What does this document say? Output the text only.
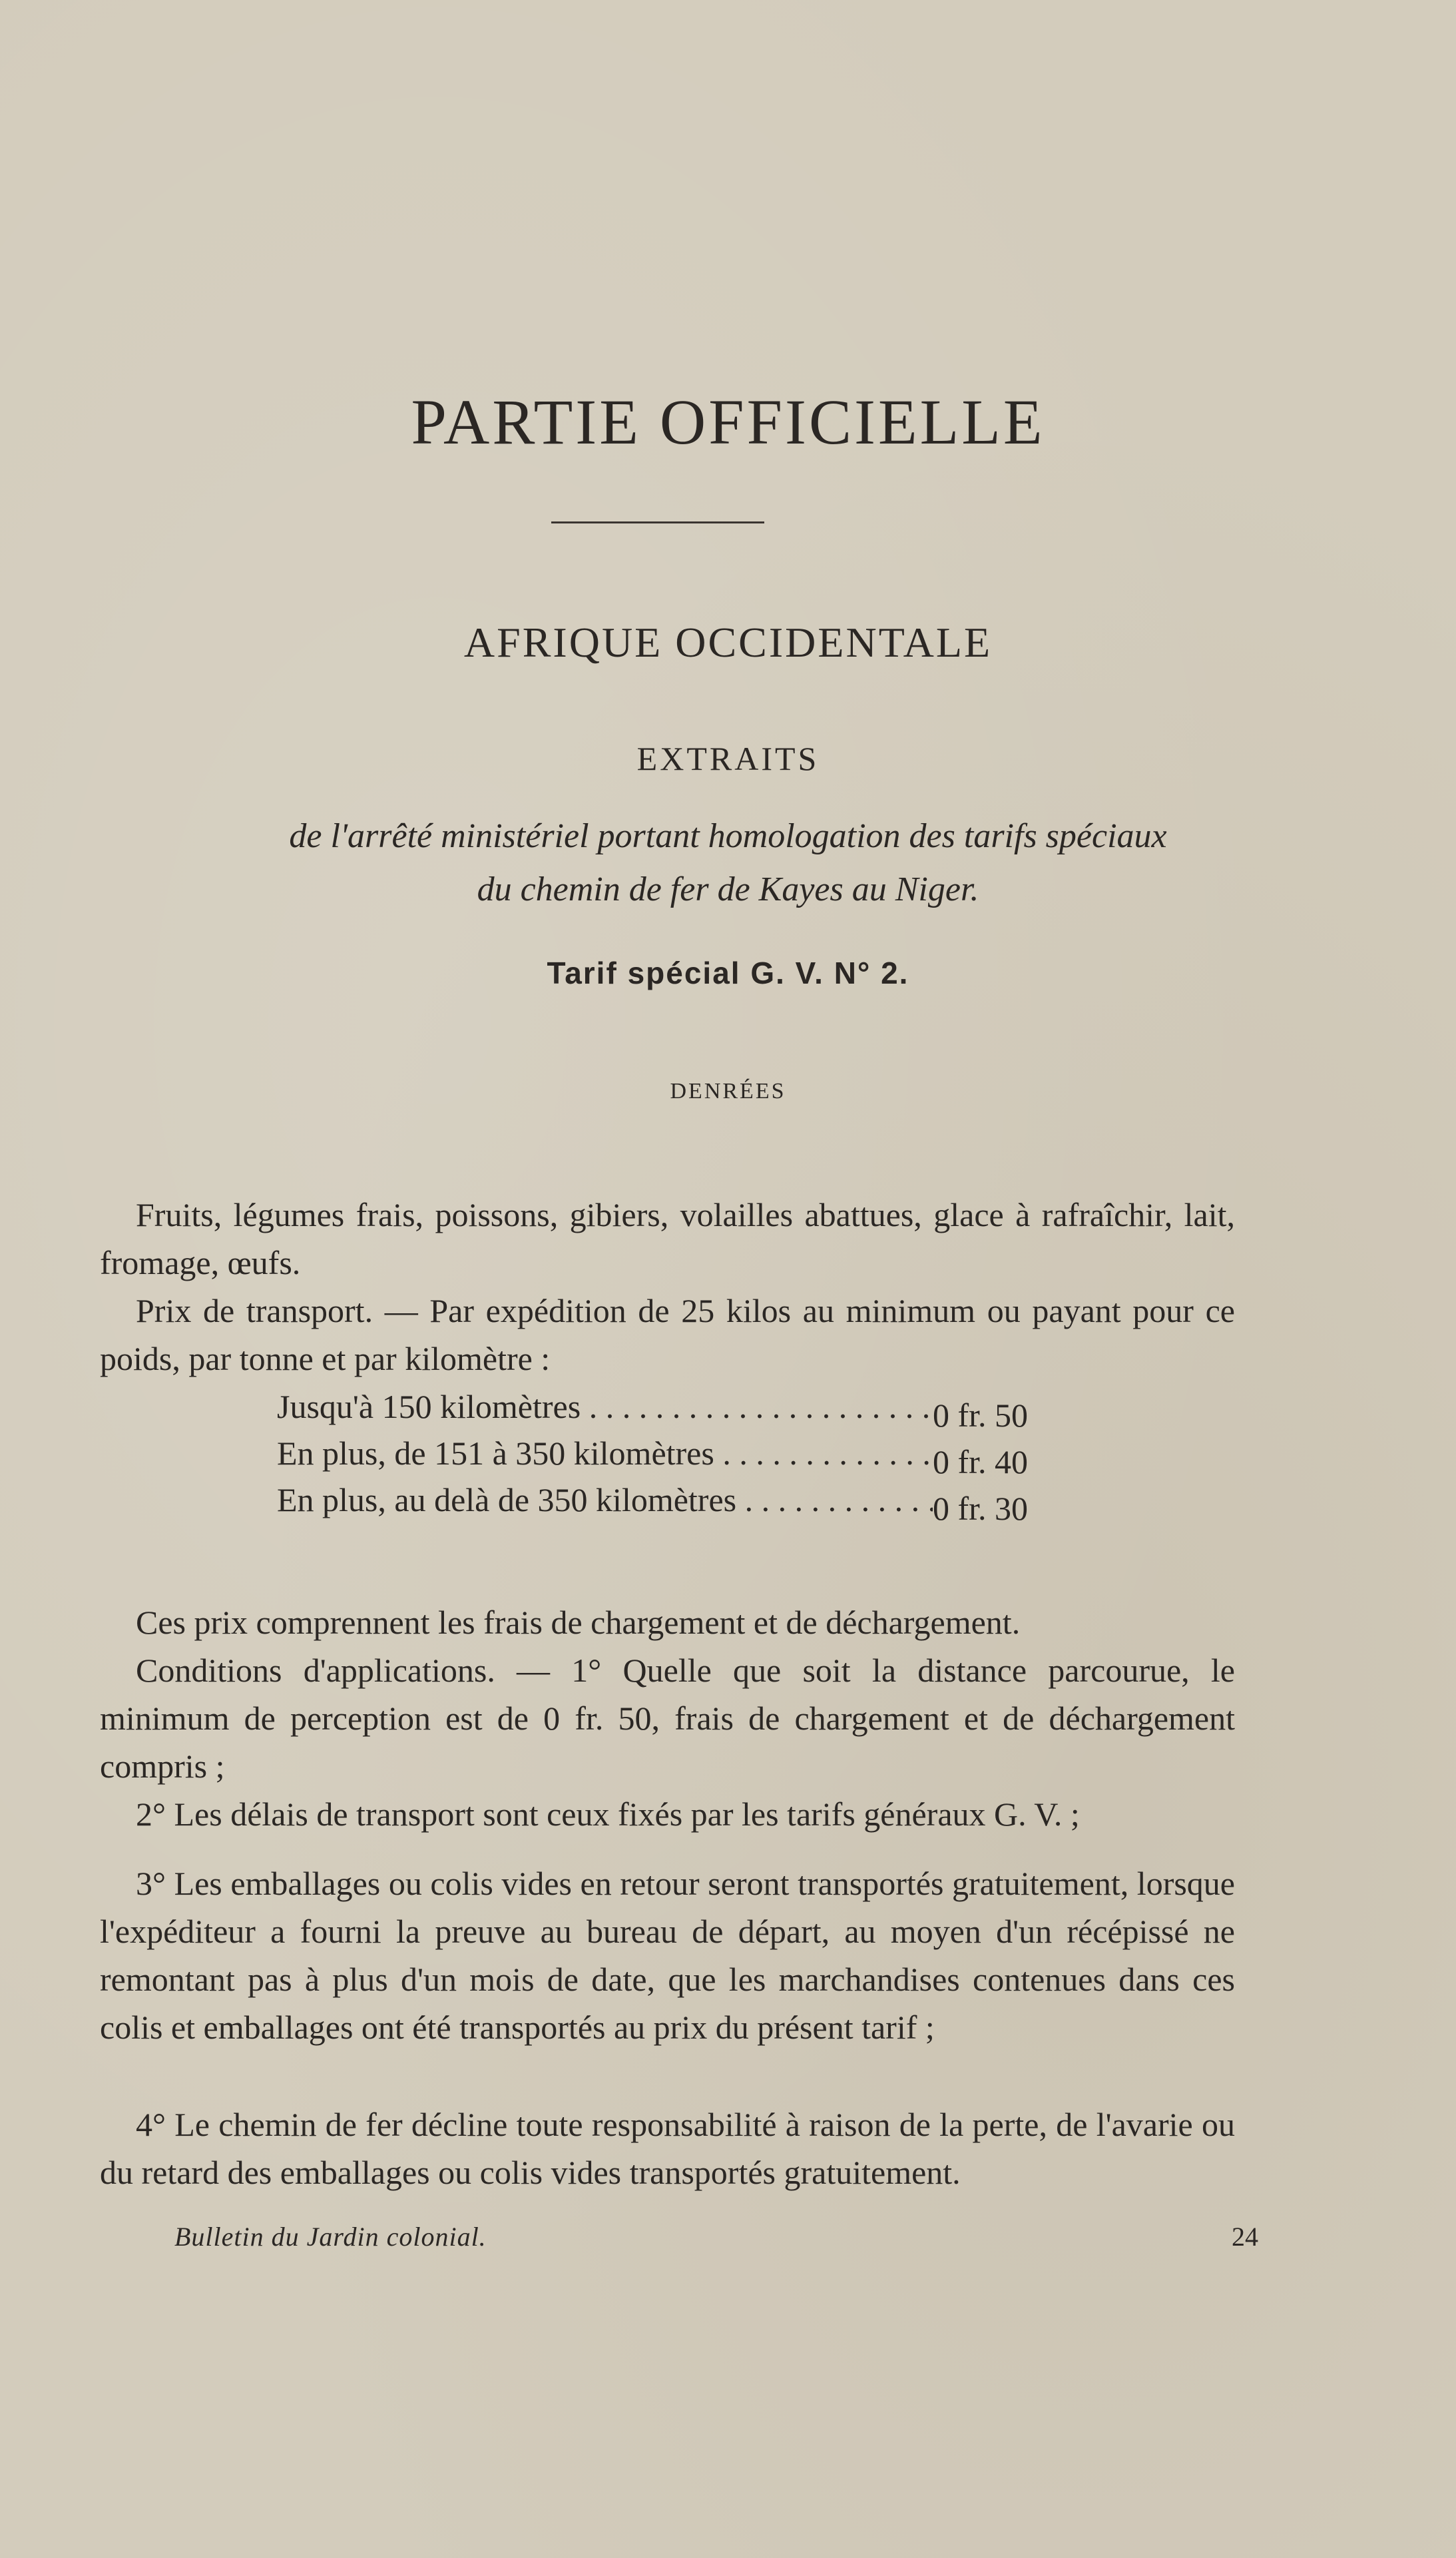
PARTIE OFFICIELLE
AFRIQUE OCCIDENTALE
EXTRAITS
de l'arrêté ministériel portant homologation des tarifs spéciaux
du chemin de fer de Kayes au Niger.
Tarif spécial G. V. N° 2.
DENRÉES

Fruits, légumes frais, poissons, gibiers, volailles abattues, glace à rafraîchir, lait, fromage, œufs.

Prix de transport. — Par expédition de 25 kilos au minimum ou payant pour ce poids, par tonne et par kilomètre :

Jusqu'à 150 kilomètres . . .	0 fr. 50
En plus, de 151 à 350 kilomètres . . .	0 fr. 40
En plus, au delà de 350 kilomètres . . .	0 fr. 30

Ces prix comprennent les frais de chargement et de déchargement.

Conditions d'applications. — 1° Quelle que soit la distance parcourue, le minimum de perception est de 0 fr. 50, frais de chargement et de déchargement compris ;

2° Les délais de transport sont ceux fixés par les tarifs généraux G. V. ;

3° Les emballages ou colis vides en retour seront transportés gratuitement, lorsque l'expéditeur a fourni la preuve au bureau de départ, au moyen d'un récépissé ne remontant pas à plus d'un mois de date, que les marchandises contenues dans ces colis et emballages ont été transportés au prix du présent tarif ;

4° Le chemin de fer décline toute responsabilité à raison de la perte, de l'avarie ou du retard des emballages ou colis vides transportés gratuitement.

Bulletin du Jardin colonial.	24
